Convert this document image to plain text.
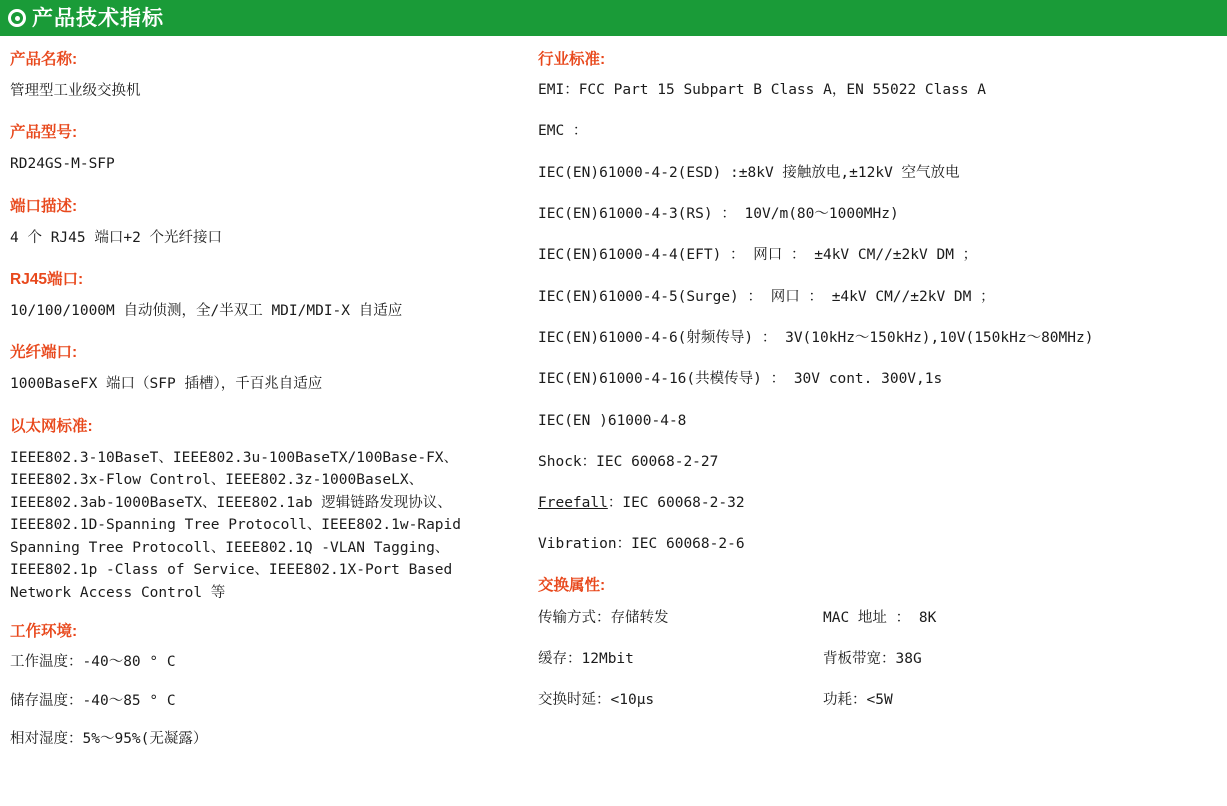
产品技术指标
产品名称:
管理型工业级交换机
产品型号:
RD24GS-M-SFP
端口描述:
4 个 RJ45 端口+2 个光纤接口
RJ45端口:
10/100/1000M 自动侦测，全/半双工 MDI/MDI-X 自适应
光纤端口:
1000BaseFX 端口（SFP 插槽），千百兆自适应
以太网标准:

IEEE802.3-10BaseT、IEEE802.3u-100BaseTX/100Base-FX、

IEEE802.3x-Flow Control、IEEE802.3z-1000BaseLX、

IEEE802.3ab-1000BaseTX、IEEE802.1ab 逻辑链路发现协议、

IEEE802.1D-Spanning Tree Protocoll、IEEE802.1w-Rapid

Spanning Tree Protocoll、IEEE802.1Q -VLAN Tagging、

IEEE802.1p -Class of Service、IEEE802.1X-Port Based

Network Access Control 等

工作环境:

工作温度：-40～80 ° C

储存温度：-40～85 ° C

相对湿度：5%～95%(无凝露）

行业标准:

EMI：FCC Part 15 Subpart B Class A，EN 55022 Class A

EMC ：

IEC(EN)61000-4-2(ESD) :±8kV 接触放电,±12kV 空气放电

IEC(EN)61000-4-3(RS) ： 10V/m(80～1000MHz)

IEC(EN)61000-4-4(EFT) ： 网口 ： ±4kV CM//±2kV DM ；

IEC(EN)61000-4-5(Surge) ： 网口 ： ±4kV CM//±2kV DM ；

IEC(EN)61000-4-6(射频传导) ： 3V(10kHz～150kHz),10V(150kHz～80MHz)

IEC(EN)61000-4-16(共模传导) ： 30V cont. 300V,1s

IEC(EN )61000-4-8

Shock：IEC 60068-2-27

Freefall：IEC 60068-2-32

Vibration：IEC 60068-2-6

交换属性:
传输方式：存储转发	MAC 地址 ： 8K
缓存：12Mbit	背板带宽：38G
交换时延：<10μs	功耗：<5W
